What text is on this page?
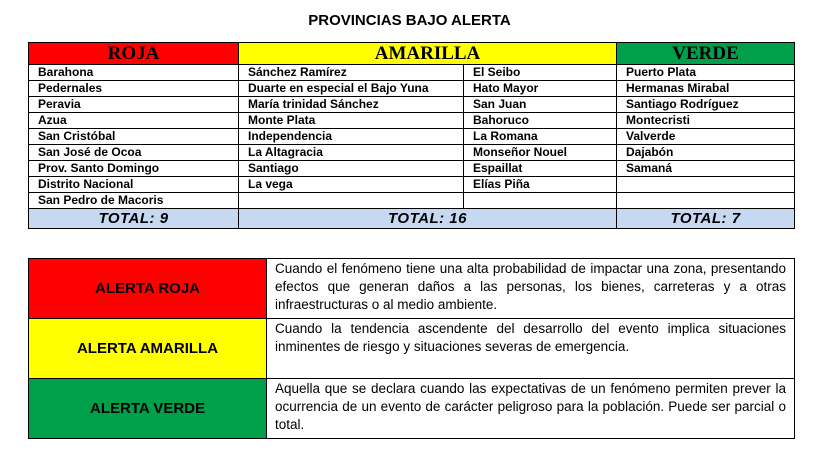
PROVINCIAS BAJO ALERTA
ROJA	AMARILLA		VERDE
Barahona	Sánchez Ramírez	El Seibo	Puerto Plata
Pedernales	Duarte en especial el Bajo Yuna	Hato Mayor	Hermanas Mirabal
Peravia	María trinidad Sánchez	San Juan	Santiago Rodríguez
Azua	Monte Plata	Bahoruco	Montecristi
San Cristóbal	Independencia	La Romana	Valverde
San José de Ocoa	La Altagracia	Monseñor Nouel	Dajabón
Prov. Santo Domingo	Santiago	Espaillat	Samaná
Distrito Nacional	La vega	Elías Piña	
San Pedro de Macoris			
TOTAL: 9	TOTAL: 16		TOTAL: 7
ALERTA ROJA	Cuando el fenómeno tiene una alta probabilidad de impactar una zona, presentando efectos que generan daños a las personas, los bienes, carreteras y a otras infraestructuras o al medio ambiente.
ALERTA AMARILLA	Cuando la tendencia ascendente del desarrollo del evento implica situaciones inminentes de riesgo y situaciones severas de emergencia.
ALERTA VERDE	Aquella que se declara cuando las expectativas de un fenómeno permiten prever la ocurrencia de un evento de carácter peligroso para la población. Puede ser parcial o total.
